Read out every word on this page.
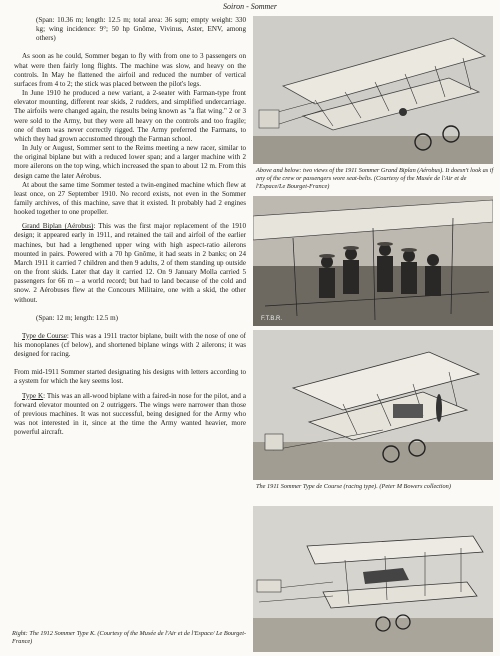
Soiron - Sommer

(Span: 10.36 m; length: 12.5 m; total area: 36 sqm; empty weight: 330 kg; wing incidence: 9°; 50 hp Gnôme, Vivinus, Aster, ENV, among others)

As soon as he could, Sommer began to fly with from one to 3 passengers on what were then fairly long flights. The machine was slow, and heavy on the controls. In May he flattened the airfoil and reduced the number of vertical surfaces from 4 to 2; the stick was placed between the pilot's legs.

In June 1910 he produced a new variant, a 2-seater with Farman-type front elevator mounting, different rear skids, 2 rudders, and simplified undercarriage. The airfoils were changed again, the results being known as "a flat wing." 2 or 3 were sold to the Army, but they were all heavy on the controls and too fragile; one of them was never correctly rigged. The Army preferred the Farmans, to which they had grown accustomed through the Farman school.

In July or August, Sommer sent to the Reims meeting a new racer, similar to the original biplane but with a reduced lower span; and a larger machine with 2 more ailerons on the top wing, which increased the span to about 12 m. From this design came the later Aérobus.

At about the same time Sommer tested a twin-engined machine which flew at least once, on 27 September 1910. No record exists, not even in the Sommer family archives, of this machine, save that it existed. It probably had 2 engines hooked together to one propeller.

Grand Biplan (Aérobus): This was the first major replacement of the 1910 design; it appeared early in 1911, and retained the tail and airfoil of the earlier machines, but had a lengthened upper wing with high aspect-ratio ailerons mounted in pairs. Powered with a 70 hp Gnôme, it had seats in 2 banks; on 24 March 1911 it carried 7 children and then 9 adults, 2 of them standing up outside on the front skids. Later that day it carried 12. On 9 January Molla carried 5 passengers for 66 m – a world record; but had to land because of the cold and snow. 2 Aérobuses flew at the Concours Militaire, one with a skid, the other without.

(Span: 12 m; length: 12.5 m)

Type de Course: This was a 1911 tractor biplane, built with the nose of one of his monoplanes (cf below), and shortened biplane wings with 2 ailerons; it was designed for racing.

From mid-1911 Sommer started designating his designs with letters according to a system for which the key seems lost.

Type K: This was an all-wood biplane with a faired-in nose for the pilot, and a forward elevator mounted on 2 outriggers. The wings were narrower than those of previous machines. It was not successful, being designed for the Army who was not interested in it, since at the time the Army wanted heavier, more powerful aircraft.

Right: The 1912 Sommer Type K. (Courtesy of the Musée de l'Air et de l'Espace/ Le Bourget-France)
Above and below: two views of the 1911 Sommer Grand Biplan (Aérobus). It doesn't look as if any of the crew or passengers wore seat-belts. (Courtesy of the Musée de l'Air et de l'Espace/Le Bourget-France)
F.T.B.R.
The 1911 Sommer Type de Course (racing type). (Peter M Bowers collection)
